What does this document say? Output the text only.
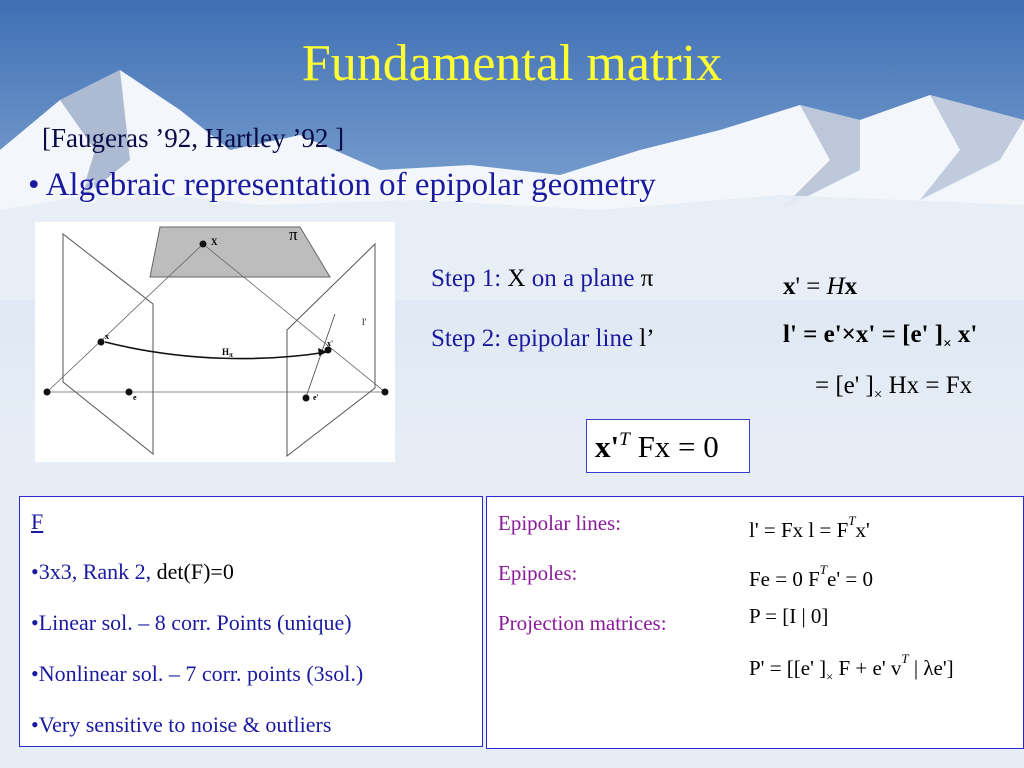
Fundamental matrix
[Faugeras ’92, Hartley ’92 ]
• Algebraic representation of epipolar geometry
X	π
x
e
x'
e'
l'
$H_\pi$
Step 1: X on a plane π
Step 2: epipolar line l’
x' = Hx
l' = e'×x' = [e' ]$_\times$ x'
= [e' ]$_\times$ Hx = Fx
$x'^T$ Fx = 0
F
•3x3, Rank 2, det(F)=0
•Linear sol. – 8 corr. Points (unique)
•Nonlinear sol. – 7 corr. points (3sol.)
•Very sensitive to noise & outliers
Epipolar lines:
Epipoles:
Projection matrices:
l' = Fx $l = F^Tx'$
Fe = 0 $F^Te' = 0$
P = [I | 0]
P' = [[e' ]$_\times$ F + e' $v^T$ | λe']
